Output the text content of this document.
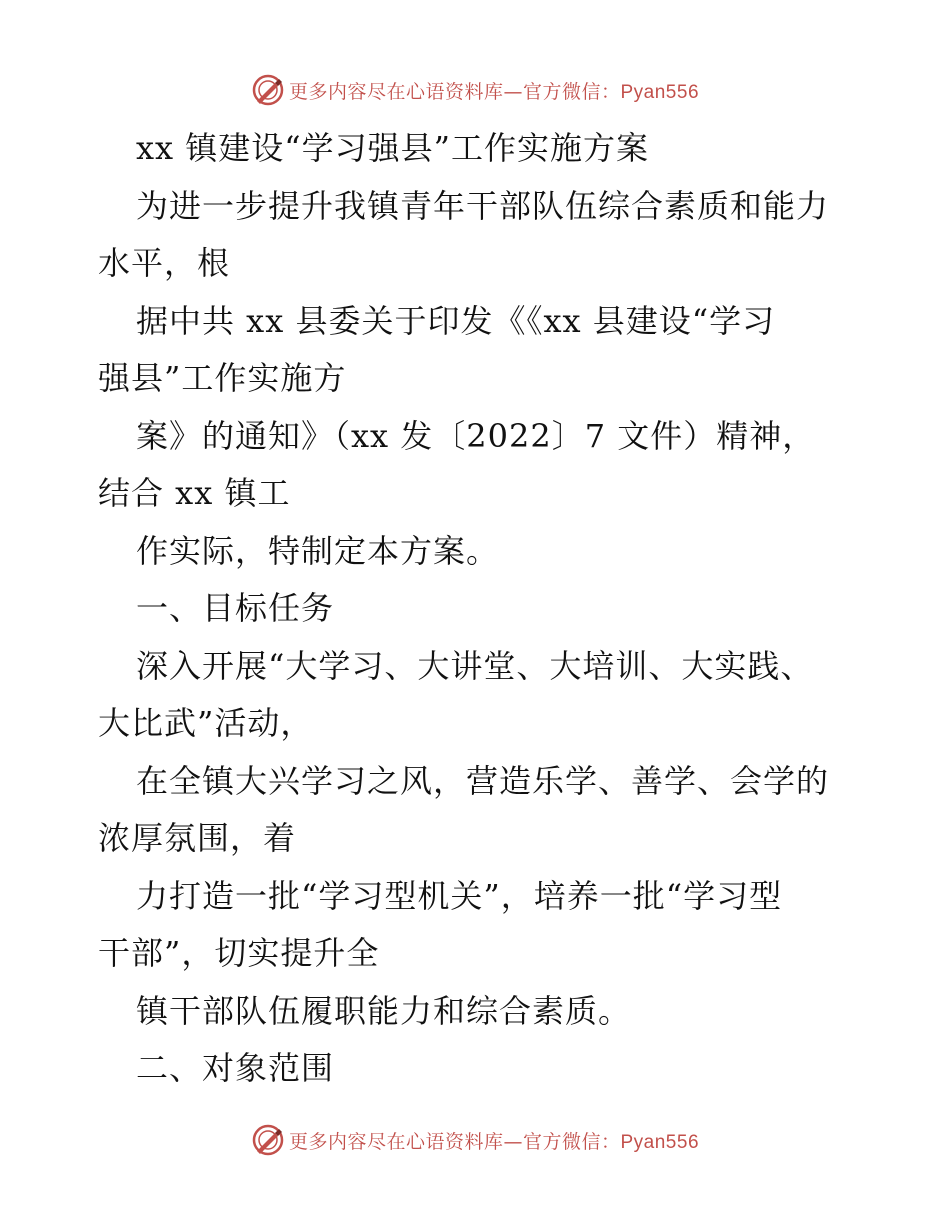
更多内容尽在心语资料库—官方微信：Pyan556
xx 镇建设“学习强县”工作实施方案
为进一步提升我镇青年干部队伍综合素质和能力
水平，根
据中共 xx 县委关于印发《《xx 县建设“学习
强县”工作实施方
案》的通知》（xx 发〔2022〕7 文件）精神，
结合 xx 镇工
作实际，特制定本方案。
一、目标任务
深入开展“大学习、大讲堂、大培训、大实践、
大比武”活动，
在全镇大兴学习之风，营造乐学、善学、会学的
浓厚氛围，着
力打造一批“学习型机关”，培养一批“学习型
干部”，切实提升全
镇干部队伍履职能力和综合素质。
二、对象范围
更多内容尽在心语资料库—官方微信：Pyan556
